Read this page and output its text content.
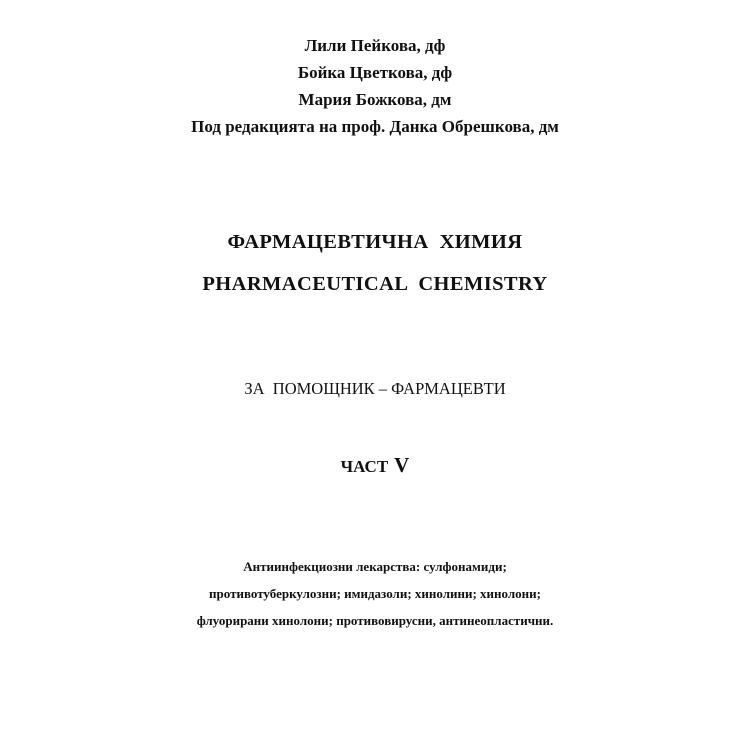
Лили Пейкова, дф
Бойка Цветкова, дф
Мария Божкова, дм
Под редакцията на проф. Данка Обрешкова, дм
ФАРМАЦЕВТИЧНА  ХИМИЯ
PHARMACEUTICAL  CHEMISTRY
ЗА  ПОМОЩНИК – ФАРМАЦЕВТИ
ЧАСТ V
Антиинфекциозни лекарства: сулфонамиди;
противотуберкулозни; имидазоли; хинолини; хинолони;
флуорирани хинолони; противовирусни, антинеопластични.
